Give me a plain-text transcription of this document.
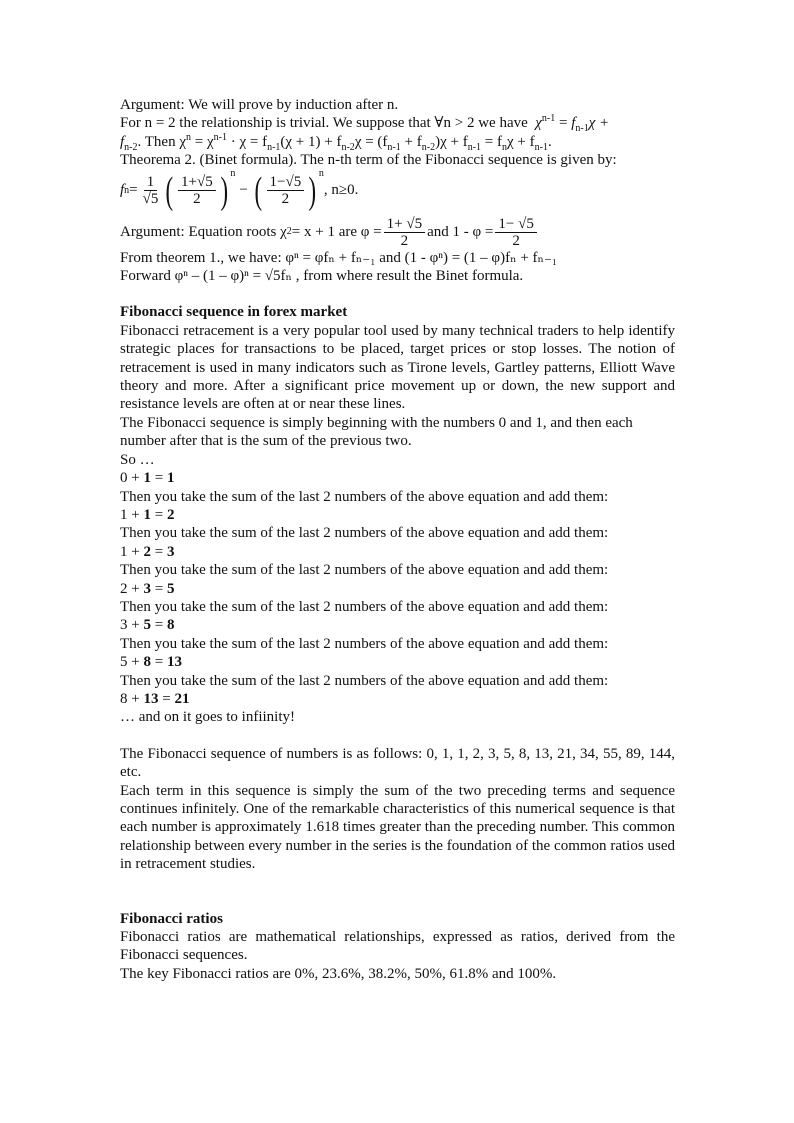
Argument: We will prove by induction after n.

For n = 2 the relationship is trivial. We suppose that ∀n > 2 we have $\chi^{n-1} = f_{n-1}\chi$ +

$f_{n-2}$. Then $\chi^n = \chi^{n-1} \cdot \chi = f_{n-1}(\chi + 1) + f_{n-2}\chi = (f_{n-1} + f_{n-2})\chi + f_{n-1} = f_n\chi + f_{n-1}$.

Theorema 2. (Binet formula). The n-th term of the Fibonacci sequence is given by:

f $n = \frac{1}{√5}$ ( $\frac{1+√5}{2}$ ) n
− ( $\frac{1-√5}{2}$ ) n
, n≥0.
Argument: Equation roots χ 2 = x + 1 are $\varphi = \frac{1+ √5}{2}$ and $1 - \varphi = \frac{1- √5}{2}$

From theorem 1., we have: φⁿ = φfₙ + fₙ₋₁ and (1 - φⁿ) = (1 – φ)fₙ + fₙ₋₁

Forward φⁿ – (1 – φ)ⁿ = √5fₙ , from where result the Binet formula.

Fibonacci sequence in forex market

Fibonacci retracement is a very popular tool used by many technical traders to help identify strategic places for transactions to be placed, target prices or stop losses. The notion of retracement is used in many indicators such as Tirone levels, Gartley patterns, Elliott Wave theory and more. After a significant price movement up or down, the new support and resistance levels are often at or near these lines.

The Fibonacci sequence is simply beginning with the numbers 0 and 1, and then each number after that is the sum of the previous two.

So …

0 + 1 = 1

Then you take the sum of the last 2 numbers of the above equation and add them:

1 + 1 = 2

Then you take the sum of the last 2 numbers of the above equation and add them:

1 + 2 = 3

Then you take the sum of the last 2 numbers of the above equation and add them:

2 + 3 = 5

Then you take the sum of the last 2 numbers of the above equation and add them:

3 + 5 = 8

Then you take the sum of the last 2 numbers of the above equation and add them:

5 + 8 = 13

Then you take the sum of the last 2 numbers of the above equation and add them:

8 + 13 = 21

… and on it goes to infiinity!

The Fibonacci sequence of numbers is as follows: 0, 1, 1, 2, 3, 5, 8, 13, 21, 34, 55, 89, 144, etc.

Each term in this sequence is simply the sum of the two preceding terms and sequence continues infinitely. One of the remarkable characteristics of this numerical sequence is that each number is approximately 1.618 times greater than the preceding number. This common relationship between every number in the series is the foundation of the common ratios used in retracement studies.

Fibonacci ratios

Fibonacci ratios are mathematical relationships, expressed as ratios, derived from the Fibonacci sequences.

The key Fibonacci ratios are 0%, 23.6%, 38.2%, 50%, 61.8% and 100%.
